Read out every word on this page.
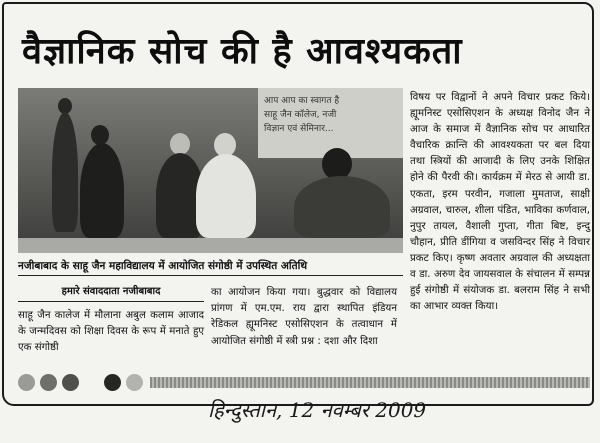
वैज्ञानिक सोच की है आवश्यकता
आप आप का स्वागत है
साहू जैन कॉलेज, नजी
विज्ञान एवं सेमिनार...
नजीबाबाद के साहू जैन महाविद्यालय में आयोजित संगोष्ठी में उपस्थित अतिथि
हमारे संवाददाता नजीबाबाद
साहू जैन कालेज में मौलाना अबुल कलाम आजाद के जन्मदिवस को शिक्षा दिवस के रूप में मनाते हुए एक संगोष्ठी
का आयोजन किया गया। बुद्धवार को विद्यालय प्रांगण में एम.एम. राय द्वारा स्थापित इंडियन रेडिकल ह्यूमनिस्ट एसोसिएशन के तत्वाधान में आयोजित संगोष्ठी में स्त्री प्रश्न : दशा और दिशा
विषय पर विद्वानों ने अपने विचार प्रकट किये। ह्यूमनिस्ट एसोसिएशन के अध्यक्ष विनोद जैन ने आज के समाज में वैज्ञानिक सोच पर आधारित वैचारिक क्रान्ति की आवश्यकता पर बल दिया तथा स्त्रियों की आजादी के लिए उनके शिक्षित होने की पैरवी की। कार्यक्रम में मेरठ से आयी डा. एकता, इरम परवीन, गजाला मुमताज, साक्षी अग्रवाल, चारुल, शीला पंडित, भाविका कर्णवाल, नुपुर तायल, वैशाली गुप्ता, गीता बिष्ट, इन्दु चौहान, प्रीति डींगिया व जसविन्दर सिंह ने विचार प्रकट किए। कृष्ण अवतार अग्रवाल की अध्यक्षता व डा. अरुण देव जायसवाल के संचालन में सम्पन्न हुई संगोष्ठी में संयोजक डा. बलराम सिंह ने सभी का आभार व्यक्त किया।
हिन्दुस्तान, 12 नवम्बर 2009
